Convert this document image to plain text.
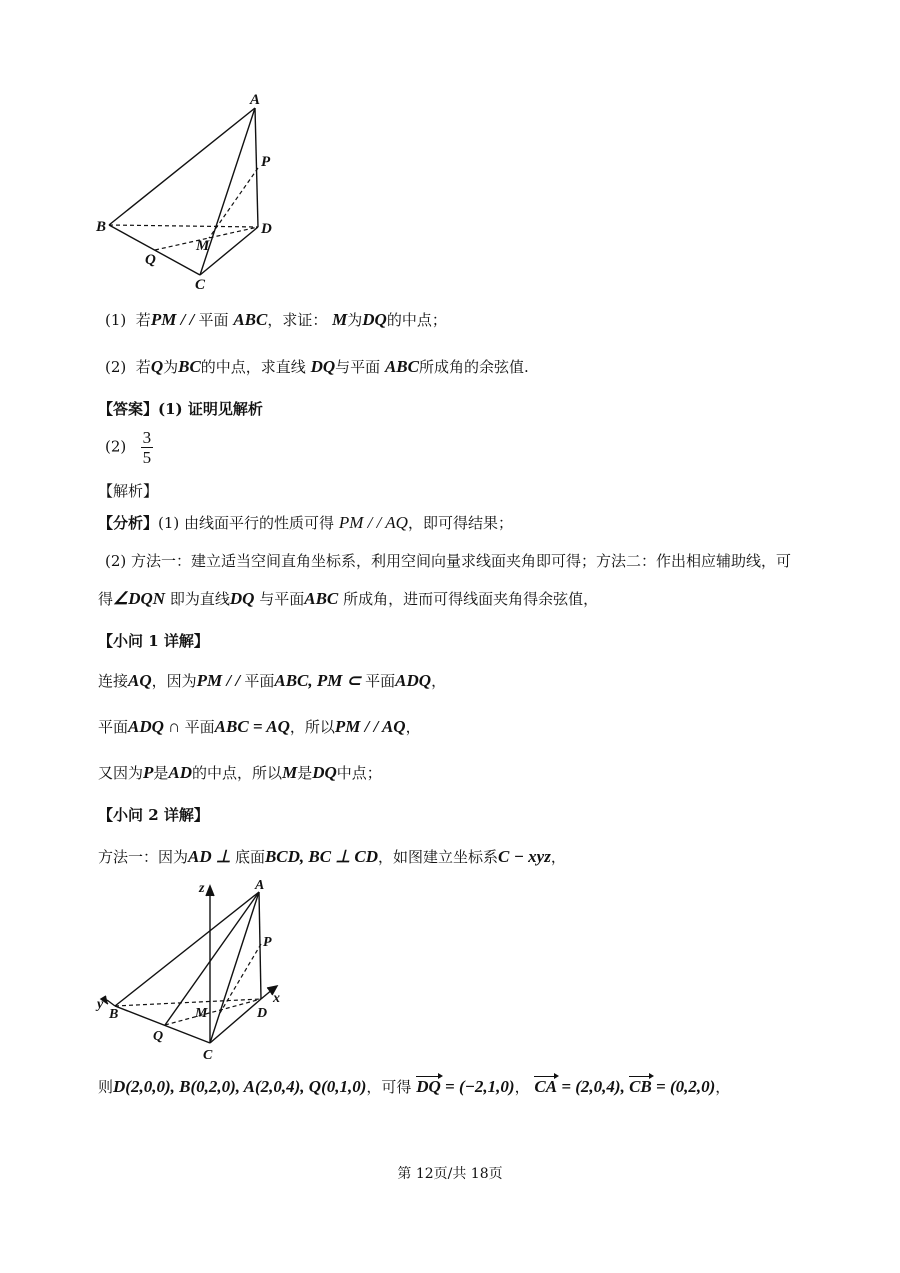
A
P
B	D
M
Q
C
(1) 若PM / / 平面 ABC，求证： M为DQ的中点；
(2) 若Q为BC的中点，求直线 DQ与平面 ABC所成角的余弦值.
【答案】(1) 证明见解析
$(2) \frac{3}{5}$
【解析】
【分析】(1) 由线面平行的性质可得 PM / / AQ，即可得结果；
(2) 方法一：建立适当空间直角坐标系，利用空间向量求线面夹角即可得；方法二：作出相应辅助线，可
得∠DQN 即为直线DQ 与平面ABC 所成角，进而可得线面夹角得余弦值，
【小问 1 详解】
连接AQ，因为PM / / 平面ABC, PM ⊂ 平面ADQ，
平面ADQ ∩ 平面ABC = AQ，所以PM / / AQ，
又因为P是AD的中点，所以M是DQ中点；
【小问 2 详解】
方法一：因为AD ⊥ 底面BCD, BC ⊥ CD，如图建立坐标系C − xyz，
z	A
P
y
B	M
x
D
Q
C
则D(2,0,0), B(0,2,0), A(2,0,4), Q(0,1,0)，可得 DQ = (−2,1,0)， CA = (2,0,4), CB = (0,2,0)，
第 12页/共 18页
